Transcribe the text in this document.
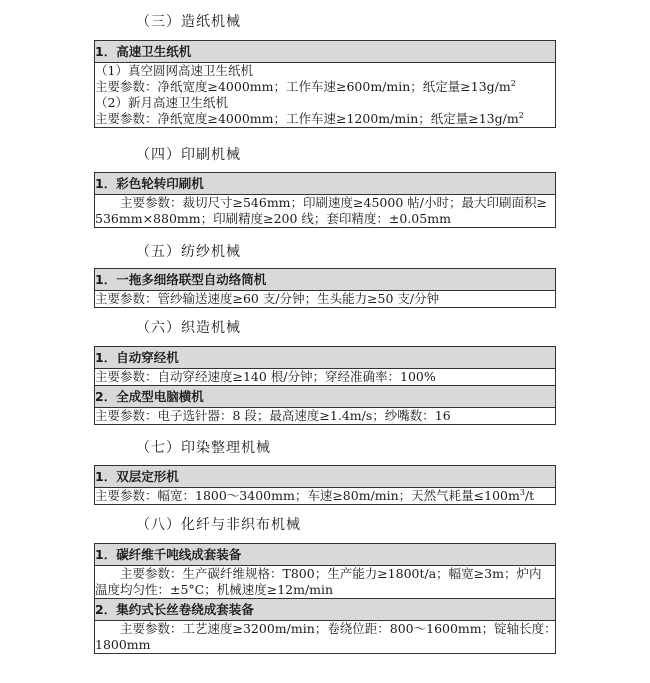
（三）造纸机械
1．高速卫生纸机

（1）真空圆网高速卫生纸机
主要参数：净纸宽度≥4000mm；工作车速≥600m/min；纸定量$\ge 13g/m^2$
（2）新月高速卫生纸机
主要参数：净纸宽度≥4000mm；工作车速≥1200m/min；纸定量$\ge 13g/m^2$
（四）印刷机械
1．彩色轮转印刷机

主要参数：裁切尺寸≥546mm；印刷速度≥45000 帖/小时；最大印刷面积≥
536mm×880mm；印刷精度≥200 线；套印精度：±0.05mm
（五）纺纱机械
1．一拖多细络联型自动络筒机

主要参数：管纱输送速度≥60 支/分钟；生头能力≥50 支/分钟
（六）织造机械
1．自动穿经机

主要参数：自动穿经速度≥140 根/分钟；穿经准确率：100%

2．全成型电脑横机

主要参数：电子选针器：8 段；最高速度≥1.4m/s；纱嘴数：16
（七）印染整理机械
1．双层定形机

主要参数：幅宽：1800～3400mm；车速≥80m/min；天然气耗量$\le 100m^3/t$
（八）化纤与非织布机械
1．碳纤维千吨线成套装备

主要参数：生产碳纤维规格：T800；生产能力≥1800t/a；幅宽≥3m；炉内
温度均匀性：±5°C；机械速度≥12m/min

2．集约式长丝卷绕成套装备

主要参数：工艺速度≥3200m/min；卷绕位距：800～1600mm；锭轴长度：
1800mm
